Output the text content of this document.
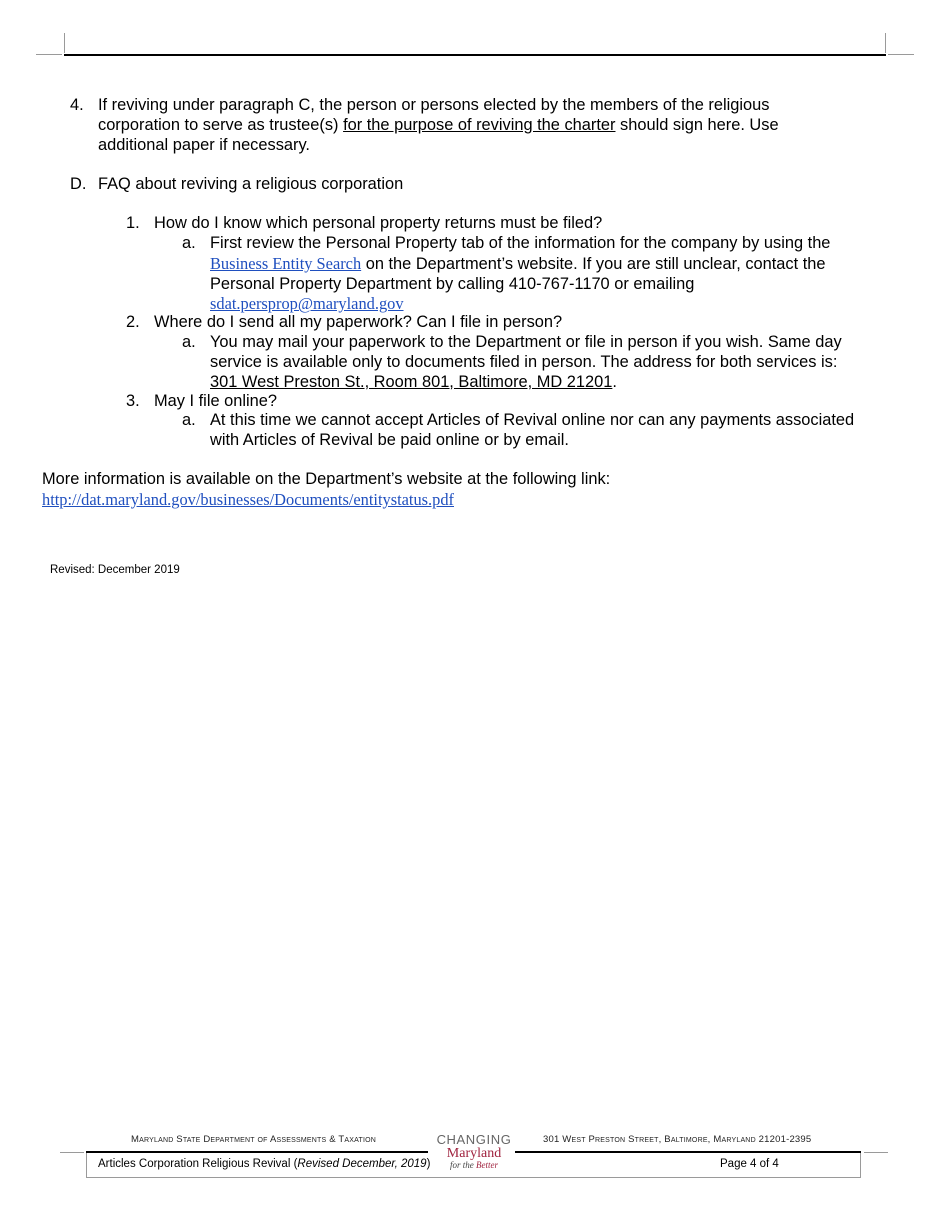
4. If reviving under paragraph C, the person or persons elected by the members of the religious
corporation to serve as trustee(s) for the purpose of reviving the charter should sign here. Use
additional paper if necessary.
D. FAQ about reviving a religious corporation
1. How do I know which personal property returns must be filed?
a. First review the Personal Property tab of the information for the company by using the
Business Entity Search on the Department’s website. If you are still unclear, contact the
Personal Property Department by calling 410-767-1170 or emailing
sdat.persprop@maryland.gov
2. Where do I send all my paperwork? Can I file in person?
a. You may mail your paperwork to the Department or file in person if you wish. Same day
service is available only to documents filed in person. The address for both services is:
301 West Preston St., Room 801, Baltimore, MD 21201.
3. May I file online?
a. At this time we cannot accept Articles of Revival online nor can any payments associated
with Articles of Revival be paid online or by email.
More information is available on the Department’s website at the following link:
http://dat.maryland.gov/businesses/Documents/entitystatus.pdf
Revised: December 2019
Maryland State Department of Assessments & Taxation	301 West Preston Street, Baltimore, Maryland 21201-2395
CHANGING
Maryland
for the Better
Articles Corporation Religious Revival (Revised December, 2019)	Page 4 of 4
